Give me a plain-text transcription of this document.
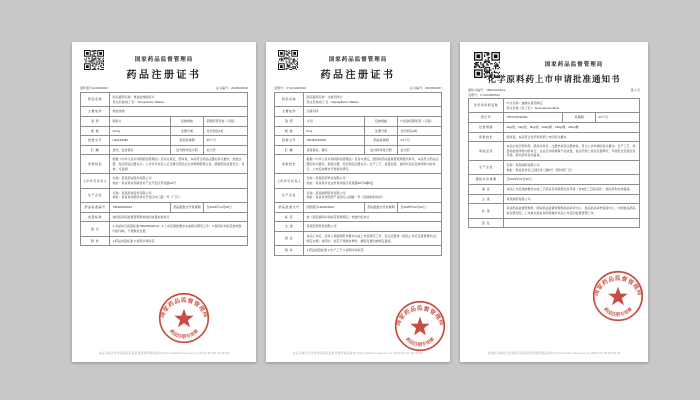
国家药品监督管理局
药品注册证书
国药准字H20190283	证书编号：2019S00618
药品名称
药品通用名称：奥美拉唑肠溶片
英文名称/拉丁名：Omeprazole Tablets
主要成份	奥美拉唑
剂 型	肠溶片	包装规格	铝塑泡罩包装（口服）
规 格	20mg	注册分类	化学药品4类
批准文号	H20190283	药品有效期	36个月
贮 藏	遮光，密封保存	处方药/非处方药	处方药
审批结论
根据《中华人民共和国药品管理法》及有关规定，经审查，本品符合药品注册的有关要求，批准注册，发给药品注册证书。上市许可持有人应当履行药品全生命周期管理义务，确保药品质量安全、有效、可追溯。
上市许可持有人
名称：某某药业股份有限公司
地址：某省某市高新技术产业开发区科技路10号
生产企业
名称：某某药业股份有限公司
地址：某省某市经济技术开发区纬三路一号（厂区）
药品标准编号	YBH00532019	药品批准文号有效期	至2024年10月08日
质量标准	按国家药品监督管理局核准的质量标准执行
备 注
1.本品执行质量标准YBH00532019；2.上市后须按要求完成相关研究工作；3.说明书和标签按核准内容印制，不得擅自变更。
附 件	1.药品质量标准 2.说明书和标签
国家药品监督管理局
药品注册专用章
本证书真伪可登录国家药品监督管理局网站查询 https://zwfw.nmpa.gov.cn 2019-10-08 16:28:36
国家药品监督管理局
药品注册证书
受理号：CYHS1900316	证书编号：2020S00067
药品名称
药品通用名称：达格列净片
英文名称/拉丁名：Dapagliflozin Tablets
主要成份	达格列净
剂 型	片剂	包装规格	内包装铝塑泡罩（口服）
规 格	5mg	注册分类	化学药品4类
批准文号	YBH20190006	药品有效期	24个月
贮 藏	常温保存，避光	处方药/非处方药	处方药
审批结论
根据《中华人民共和国药品管理法》及有关规定，经国家药品监督管理局组织审评，本品符合药品注册的有关要求，批准注册，发给药品注册证书。生产工艺、质量标准、说明书及标签按所附内容执行，上市后按要求开展相关研究。
上市许可持有人
名称：某某医药科技有限公司
地址：某省某市自由贸易试验区某某路99号1幢5层
生产企业
名称：某某制药股份有限公司
地址：某省某市医药产业园天山西路一号（固体制剂车间）
药品批准文号	国药准字H20203316	药品批准文号有效期	至2025年03月02日
标 签	按《药品说明书和标签管理规定》核准内容执行
主 送	某某医药科技有限公司
备 注
本品上市后，持有人须按照附件要求完成上市后研究工作；有关变更按《药品上市后变更管理办法》规定办理；说明书、标签不得擅自修改，确需变更的按规定备案。
附 件	1.药品质量标准 2.生产工艺 3.说明书和标签
国家药品监督管理局
药品注册专用章
本证书真伪可登录国家药品监督管理局网站查询 https://zwfw.nmpa.gov.cn 2020-03-02 10:18:52
国家药品监督管理局
化学原料药上市申请批准通知书
通知书编号：YBH20190012	第 1 页
受理号：CYHS1900012
化学原料药名称
中文名称：盐酸右美托咪定
英文名称（拉丁名）：Dexmedetomidine
登记号	YBYK20190061	有效期	24个月
包装规格	1kg/袋、2kg/袋、5kg/袋、10kg/桶、15kg/桶、25kg/桶
审批结论	经审查，本品符合化学原料药上市的有关要求
审批意见
本品为化学原料药，经技术审评、注册核查和注册检验，符合上市申请的有关要求。生产工艺、质量标准按所附内容执行；企业应持续确保产品质量，依法开展上市后变更研究、年度报告及稳定性考察，相关资料存档备查。
生产企业
名称：某某制药有限公司
地址：某省某市化工园区纬二路8号（原料药厂区）
通知书有效期	至2024年07月30日
备 注	本品上市后须按要求完成工艺验证及持续稳定性考察（含3批工艺验证批），相关资料存档备查。
主 送	某某制药有限公司
抄 送
某省药品监督管理局、国家药品监督管理局药品审评中心、食品药品审核查验中心、中国食品药品检定研究院。上述单位按各自职责做好本品上市后的监督管理工作。
签 发
国家药品监督管理局
药品注册专用章
本通知书真伪可登录国家药品监督管理局网站查询 https://zwfw.nmpa.gov.cn 2020-03-05 09:46:21
